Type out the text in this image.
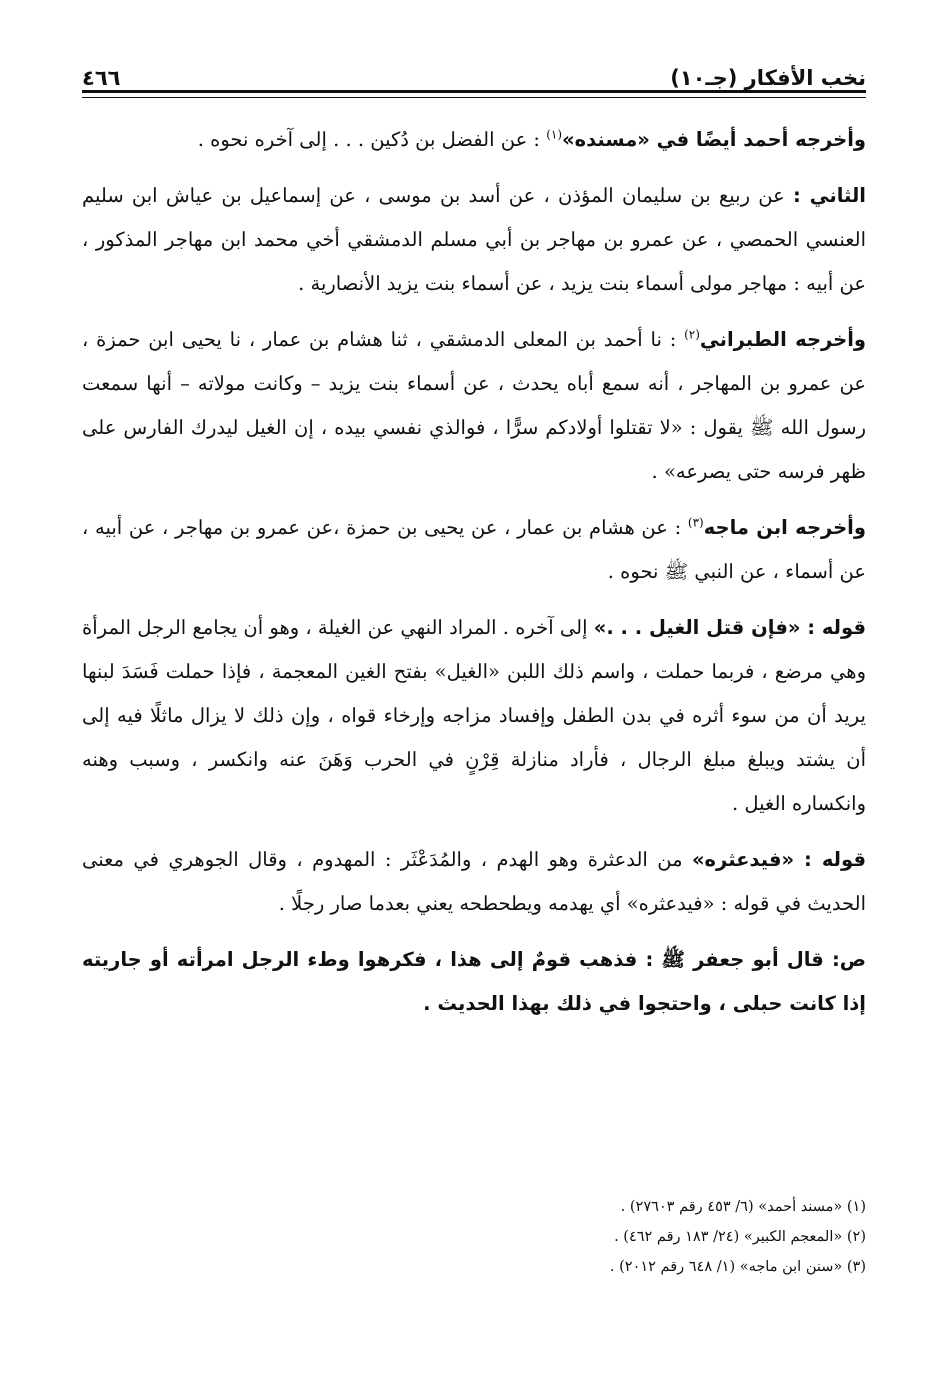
٤٦٦	نخب الأفكار (جـ١٠)

وأخرجه أحمد أيضًا في «مسنده»$^{(١)}$ : عن الفضل بن دُكين . . . إلى آخره نحوه .

الثاني : عن ربيع بن سليمان المؤذن ، عن أسد بن موسى ، عن إسماعيل بن عياش ابن سليم العنسي الحمصي ، عن عمرو بن مهاجر بن أبي مسلم الدمشقي أخي محمد ابن مهاجر المذكور ، عن أبيه : مهاجر مولى أسماء بنت يزيد ، عن أسماء بنت يزيد الأنصارية .

وأخرجه الطبراني$^{(٢)}$ : نا أحمد بن المعلى الدمشقي ، ثنا هشام بن عمار ، نا يحيى ابن حمزة ، عن عمرو بن المهاجر ، أنه سمع أباه يحدث ، عن أسماء بنت يزيد – وكانت مولاته – أنها سمعت رسول الله ﷺ يقول : «لا تقتلوا أولادكم سرًّا ، فوالذي نفسي بيده ، إن الغيل ليدرك الفارس على ظهر فرسه حتى يصرعه» .

وأخرجه ابن ماجه$^{(٣)}$ : عن هشام بن عمار ، عن يحيى بن حمزة ،عن عمرو بن مهاجر ، عن أبيه ، عن أسماء ، عن النبي ﷺ نحوه .

قوله : «فإن قتل الغيل . . .» إلى آخره . المراد النهي عن الغيلة ، وهو أن يجامع الرجل المرأة وهي مرضع ، فربما حملت ، واسم ذلك اللبن «الغيل» بفتح الغين المعجمة ، فإذا حملت فَسَدَ لبنها يريد أن من سوء أثره في بدن الطفل وإفساد مزاجه وإرخاء قواه ، وإن ذلك لا يزال ماثلًا فيه إلى أن يشتد ويبلغ مبلغ الرجال ، فأراد منازلة قِرْنٍ في الحرب وَهَنَ عنه وانكسر ، وسبب وهنه وانكساره الغيل .

قوله : «فيدعثره» من الدعثرة وهو الهدم ، والمُدَعْثَر : المهدوم ، وقال الجوهري في معنى الحديث في قوله : «فيدعثره» أي يهدمه ويطحطحه يعني بعدما صار رجلًا .

ص: قال أبو جعفر ﷺ : فذهب قومٌ إلى هذا ، فكرهوا وطء الرجل امرأته أو جاريته إذا كانت حبلى ، واحتجوا في ذلك بهذا الحديث .

(١) «مسند أحمد» (٦/ ٤٥٣ رقم ٢٧٦٠٣) .

(٢) «المعجم الكبير» (٢٤/ ١٨٣ رقم ٤٦٢) .

(٣) «سنن ابن ماجه» (١/ ٦٤٨ رقم ٢٠١٢) .
